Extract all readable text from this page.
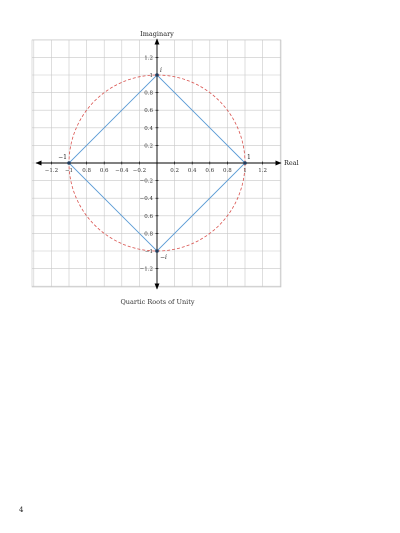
Real
Imaginary
−1.2 −1 0.8 0.6 −0.4 −0.2	0.2 0.4 0.6 0.8 1 1.2
1.2
1
0.8
0.6
0.4
0.2
−0.2
−0.4
0.6
0.8
−1
−1.2
1
i
−1
−i
Quartic Roots of Unity
4
